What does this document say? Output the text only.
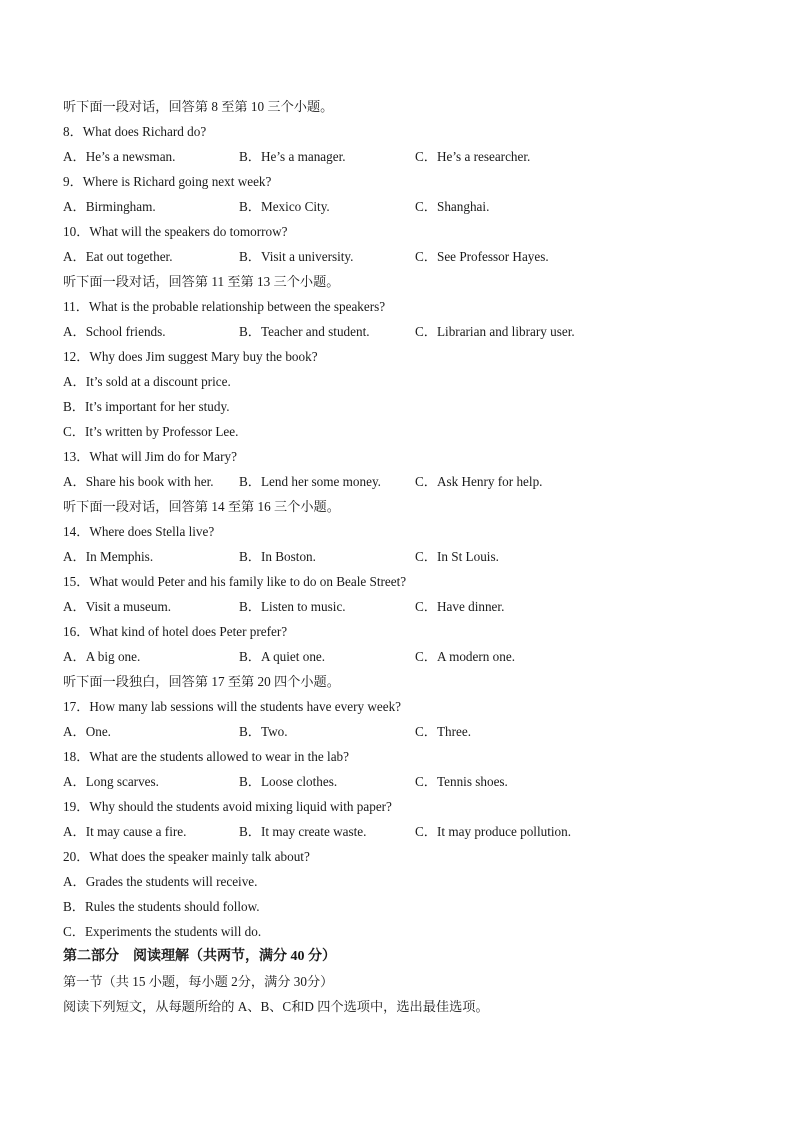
听下面一段对话，回答第 8 至第 10 三个小题。
8．What does Richard do?
A．He’s a newsman.	B．He’s a manager.	C．He’s a researcher.
9．Where is Richard going next week?
A．Birmingham.	B．Mexico City.	C．Shanghai.
10．What will the speakers do tomorrow?
A．Eat out together.	B．Visit a university.	C．See Professor Hayes.
听下面一段对话，回答第 11 至第 13 三个小题。
11．What is the probable relationship between the speakers?
A．School friends.	B．Teacher and student.	C．Librarian and library user.
12．Why does Jim suggest Mary buy the book?
A．It’s sold at a discount price.
B．It’s important for her study.
C．It’s written by Professor Lee.
13．What will Jim do for Mary?
A．Share his book with her.	B．Lend her some money.	C．Ask Henry for help.
听下面一段对话，回答第 14 至第 16 三个小题。
14．Where does Stella live?
A．In Memphis.	B．In Boston.	C．In St Louis.
15．What would Peter and his family like to do on Beale Street?
A．Visit a museum.	B．Listen to music.	C．Have dinner.
16．What kind of hotel does Peter prefer?
A．A big one.	B．A quiet one.	C．A modern one.
听下面一段独白，回答第 17 至第 20 四个小题。
17．How many lab sessions will the students have every week?
A．One.	B．Two.	C．Three.
18．What are the students allowed to wear in the lab?
A．Long scarves.	B．Loose clothes.	C．Tennis shoes.
19．Why should the students avoid mixing liquid with paper?
A．It may cause a fire.	B．It may create waste.	C．It may produce pollution.
20．What does the speaker mainly talk about?
A．Grades the students will receive.
B．Rules the students should follow.
C．Experiments the students will do.
第二部分　阅读理解（共两节，满分 40 分）
第一节（共 15 小题，每小题 2分，满分 30分）
阅读下列短文，从每题所给的 A、B、C和D 四个选项中，选出最佳选项。
